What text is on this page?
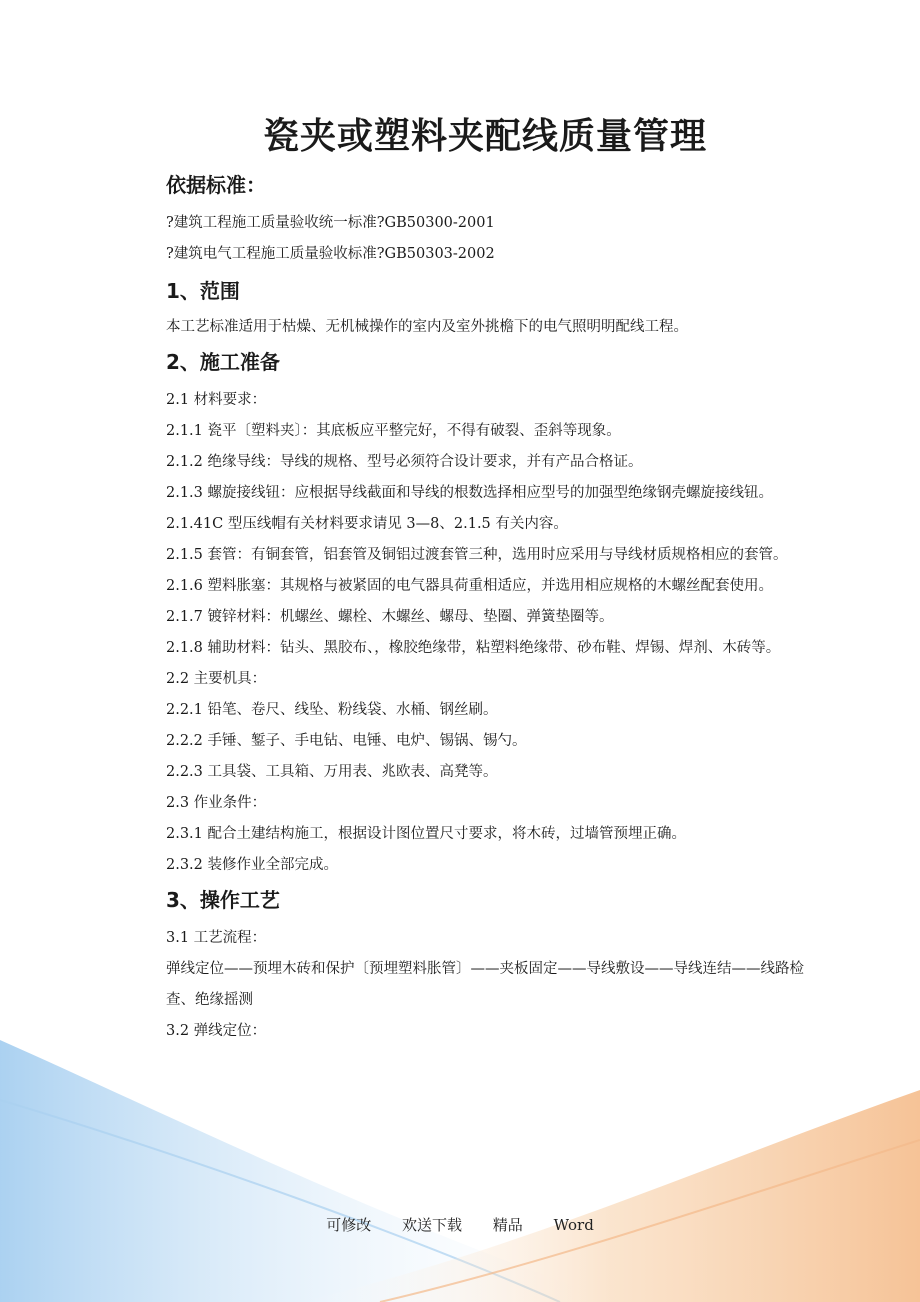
瓷夹或塑料夹配线质量管理
依据标准：
?建筑工程施工质量验收统一标准?GB50300-2001
?建筑电气工程施工质量验收标准?GB50303-2002
1、范围
本工艺标准适用于枯燥、无机械操作的室内及室外挑檐下的电气照明明配线工程。
2、施工准备
2.1 材料要求：
2.1.1 瓷平〔塑料夹〕：其底板应平整完好，不得有破裂、歪斜等现象。
2.1.2 绝缘导线：导线的规格、型号必须符合设计要求，并有产品合格证。
2.1.3 螺旋接线钮：应根据导线截面和导线的根数选择相应型号的加强型绝缘钢壳螺旋接线钮。
2.1.41C 型压线帽有关材料要求请见 3—8、2.1.5 有关内容。
2.1.5 套管：有铜套管，铝套管及铜铝过渡套管三种，选用时应采用与导线材质规格相应的套管。
2.1.6 塑料胀塞：其规格与被紧固的电气器具荷重相适应，并选用相应规格的木螺丝配套使用。
2.1.7 镀锌材料：机螺丝、螺栓、木螺丝、螺母、垫圈、弹簧垫圈等。
2.1.8 辅助材料：钻头、黑胶布、，橡胶绝缘带，粘塑料绝缘带、砂布鞋、焊锡、焊剂、木砖等。
2.2 主要机具：
2.2.1 铅笔、卷尺、线坠、粉线袋、水桶、钢丝刷。
2.2.2 手锤、錾子、手电钻、电锤、电炉、锡锅、锡勺。
2.2.3 工具袋、工具箱、万用表、兆欧表、高凳等。
2.3 作业条件：
2.3.1 配合土建结构施工，根据设计图位置尺寸要求，将木砖，过墙管预埋正确。
2.3.2 装修作业全部完成。
3、操作工艺
3.1 工艺流程：
弹线定位——预埋木砖和保护〔预埋塑料胀管〕——夹板固定——导线敷设——导线连结——线路检查、绝缘摇测
3.2 弹线定位：
可修改 欢送下载 精品 Word
